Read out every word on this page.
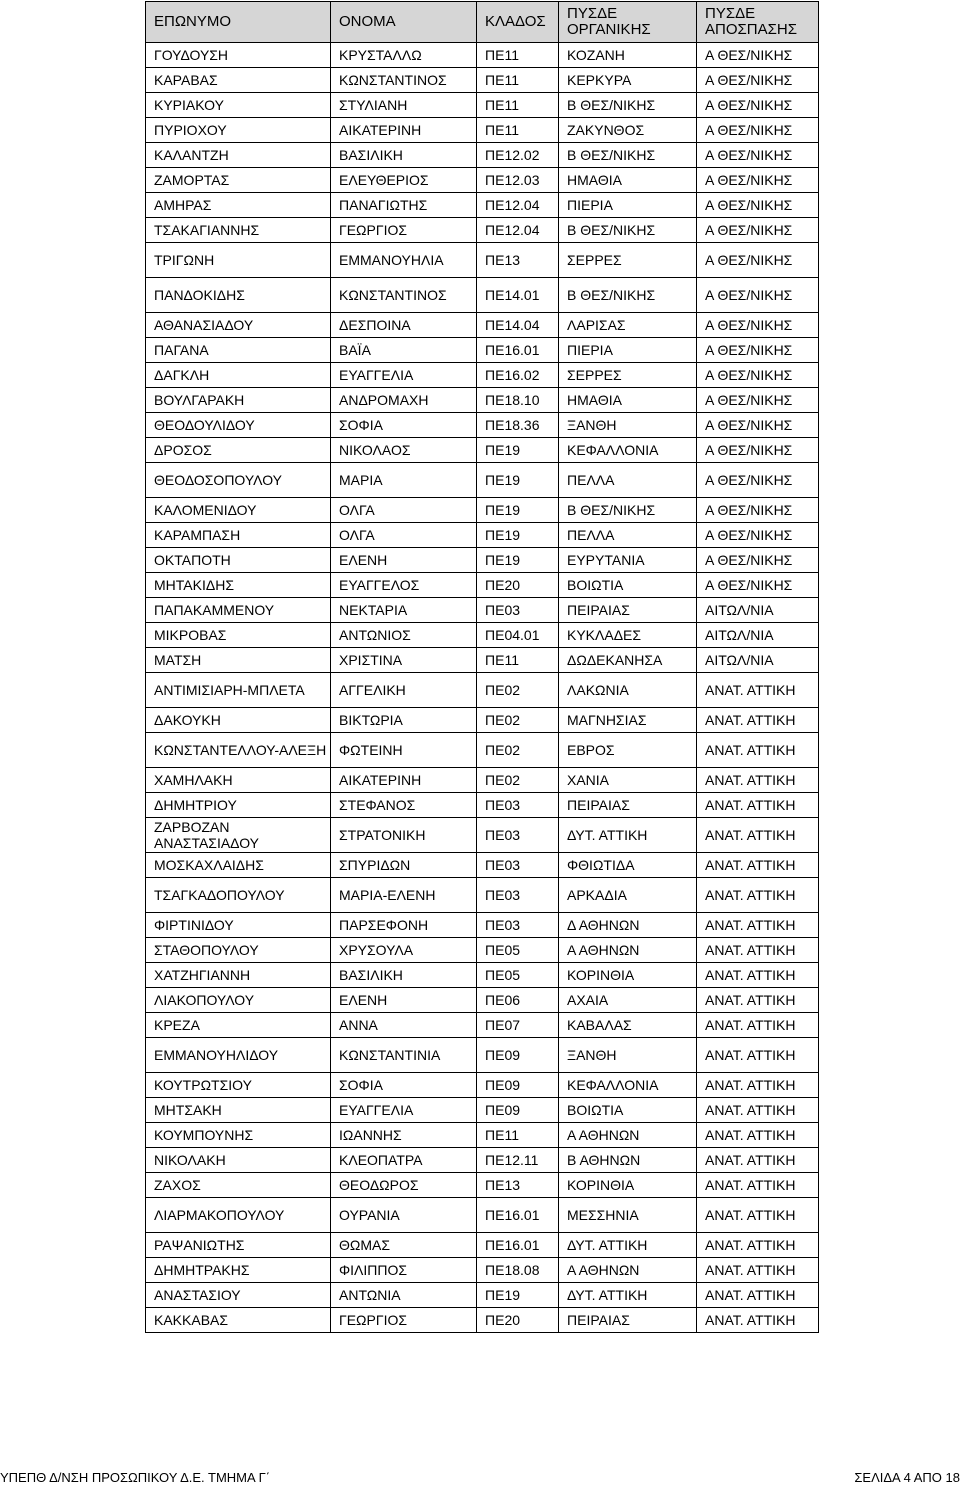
ΕΠΩΝΥΜΟ	ΟΝΟΜΑ	ΚΛΑΔΟΣ	ΠΥΣΔΕ ΟΡΓΑΝΙΚΗΣ	ΠΥΣΔΕ ΑΠΟΣΠΑΣΗΣ
ΓΟΥΔΟΥΣΗ	ΚΡΥΣΤΑΛΛΩ	ΠΕ11	ΚΟΖΑΝΗ	Α ΘΕΣ/ΝΙΚΗΣ
ΚΑΡΑΒΑΣ	ΚΩΝΣΤΑΝΤΙΝΟΣ	ΠΕ11	ΚΕΡΚΥΡΑ	Α ΘΕΣ/ΝΙΚΗΣ
ΚΥΡΙΑΚΟΥ	ΣΤΥΛΙΑΝΗ	ΠΕ11	Β ΘΕΣ/ΝΙΚΗΣ	Α ΘΕΣ/ΝΙΚΗΣ
ΠΥΡΙΟΧΟΥ	ΑΙΚΑΤΕΡΙΝΗ	ΠΕ11	ΖΑΚΥΝΘΟΣ	Α ΘΕΣ/ΝΙΚΗΣ
ΚΑΛΑΝΤΖΗ	ΒΑΣΙΛΙΚΗ	ΠΕ12.02	Β ΘΕΣ/ΝΙΚΗΣ	Α ΘΕΣ/ΝΙΚΗΣ
ΖΑΜΟΡΤΑΣ	ΕΛΕΥΘΕΡΙΟΣ	ΠΕ12.03	ΗΜΑΘΙΑ	Α ΘΕΣ/ΝΙΚΗΣ
ΑΜΗΡΑΣ	ΠΑΝΑΓΙΩΤΗΣ	ΠΕ12.04	ΠΙΕΡΙΑ	Α ΘΕΣ/ΝΙΚΗΣ
ΤΣΑΚΑΓΙΑΝΝΗΣ	ΓΕΩΡΓΙΟΣ	ΠΕ12.04	Β ΘΕΣ/ΝΙΚΗΣ	Α ΘΕΣ/ΝΙΚΗΣ
ΤΡΙΓΩΝΗ	ΕΜΜΑΝΟΥΗΛΙΑ	ΠΕ13	ΣΕΡΡΕΣ	Α ΘΕΣ/ΝΙΚΗΣ
ΠΑΝΔΟΚΙΔΗΣ	ΚΩΝΣΤΑΝΤΙΝΟΣ	ΠΕ14.01	Β ΘΕΣ/ΝΙΚΗΣ	Α ΘΕΣ/ΝΙΚΗΣ
ΑΘΑΝΑΣΙΑΔΟΥ	ΔΕΣΠΟΙΝΑ	ΠΕ14.04	ΛΑΡΙΣΑΣ	Α ΘΕΣ/ΝΙΚΗΣ
ΠΑΓΑΝΑ	ΒΑΪΑ	ΠΕ16.01	ΠΙΕΡΙΑ	Α ΘΕΣ/ΝΙΚΗΣ
ΔΑΓΚΛΗ	ΕΥΑΓΓΕΛΙΑ	ΠΕ16.02	ΣΕΡΡΕΣ	Α ΘΕΣ/ΝΙΚΗΣ
ΒΟΥΛΓΑΡΑΚΗ	ΑΝΔΡΟΜΑΧΗ	ΠΕ18.10	ΗΜΑΘΙΑ	Α ΘΕΣ/ΝΙΚΗΣ
ΘΕΟΔΟΥΛΙΔΟΥ	ΣΟΦΙΑ	ΠΕ18.36	ΞΑΝΘΗ	Α ΘΕΣ/ΝΙΚΗΣ
ΔΡΟΣΟΣ	ΝΙΚΟΛΑΟΣ	ΠΕ19	ΚΕΦΑΛΛΟΝΙΑ	Α ΘΕΣ/ΝΙΚΗΣ
ΘΕΟΔΟΣΟΠΟΥΛΟΥ	ΜΑΡΙΑ	ΠΕ19	ΠΕΛΛΑ	Α ΘΕΣ/ΝΙΚΗΣ
ΚΑΛΟΜΕΝΙΔΟΥ	ΟΛΓΑ	ΠΕ19	Β ΘΕΣ/ΝΙΚΗΣ	Α ΘΕΣ/ΝΙΚΗΣ
ΚΑΡΑΜΠΑΣΗ	ΟΛΓΑ	ΠΕ19	ΠΕΛΛΑ	Α ΘΕΣ/ΝΙΚΗΣ
ΟΚΤΑΠΟΤΗ	ΕΛΕΝΗ	ΠΕ19	ΕΥΡΥΤΑΝΙΑ	Α ΘΕΣ/ΝΙΚΗΣ
ΜΗΤΑΚΙΔΗΣ	ΕΥΑΓΓΕΛΟΣ	ΠΕ20	ΒΟΙΩΤΙΑ	Α ΘΕΣ/ΝΙΚΗΣ
ΠΑΠΑΚΑΜΜΕΝΟΥ	ΝΕΚΤΑΡΙΑ	ΠΕ03	ΠΕΙΡΑΙΑΣ	ΑΙΤΩΛ/ΝΙΑ
ΜΙΚΡΟΒΑΣ	ΑΝΤΩΝΙΟΣ	ΠΕ04.01	ΚΥΚΛΑΔΕΣ	ΑΙΤΩΛ/ΝΙΑ
ΜΑΤΣΗ	ΧΡΙΣΤΙΝΑ	ΠΕ11	ΔΩΔΕΚΑΝΗΣΑ	ΑΙΤΩΛ/ΝΙΑ
ΑΝΤΙΜΙΣΙΑΡΗ-ΜΠΛΕΤΑ	ΑΓΓΕΛΙΚΗ	ΠΕ02	ΛΑΚΩΝΙΑ	ΑΝΑΤ. ΑΤΤΙΚΗ
ΔΑΚΟΥΚΗ	ΒΙΚΤΩΡΙΑ	ΠΕ02	ΜΑΓΝΗΣΙΑΣ	ΑΝΑΤ. ΑΤΤΙΚΗ
ΚΩΝΣΤΑΝΤΕΛΛΟΥ-ΑΛΕΞΗ	ΦΩΤΕΙΝΗ	ΠΕ02	ΕΒΡΟΣ	ΑΝΑΤ. ΑΤΤΙΚΗ
ΧΑΜΗΛΑΚΗ	ΑΙΚΑΤΕΡΙΝΗ	ΠΕ02	ΧΑΝΙΑ	ΑΝΑΤ. ΑΤΤΙΚΗ
ΔΗΜΗΤΡΙΟΥ	ΣΤΕΦΑΝΟΣ	ΠΕ03	ΠΕΙΡΑΙΑΣ	ΑΝΑΤ. ΑΤΤΙΚΗ
ΖΑΡΒΟΖΑΝ ΑΝΑΣΤΑΣΙΑΔΟΥ	ΣΤΡΑΤΟΝΙΚΗ	ΠΕ03	ΔΥΤ. ΑΤΤΙΚΗ	ΑΝΑΤ. ΑΤΤΙΚΗ
ΜΟΣΚΑΧΛΑΙΔΗΣ	ΣΠΥΡΙΔΩΝ	ΠΕ03	ΦΘΙΩΤΙΔΑ	ΑΝΑΤ. ΑΤΤΙΚΗ
ΤΣΑΓΚΑΔΟΠΟΥΛΟΥ	ΜΑΡΙΑ-ΕΛΕΝΗ	ΠΕ03	ΑΡΚΑΔΙΑ	ΑΝΑΤ. ΑΤΤΙΚΗ
ΦΙΡΤΙΝΙΔΟΥ	ΠΑΡΣΕΦΟΝΗ	ΠΕ03	Δ ΑΘΗΝΩΝ	ΑΝΑΤ. ΑΤΤΙΚΗ
ΣΤΑΘΟΠΟΥΛΟΥ	ΧΡΥΣΟΥΛΑ	ΠΕ05	Α ΑΘΗΝΩΝ	ΑΝΑΤ. ΑΤΤΙΚΗ
ΧΑΤΖΗΓΙΑΝΝΗ	ΒΑΣΙΛΙΚΗ	ΠΕ05	ΚΟΡΙΝΘΙΑ	ΑΝΑΤ. ΑΤΤΙΚΗ
ΛΙΑΚΟΠΟΥΛΟΥ	ΕΛΕΝΗ	ΠΕ06	ΑΧΑΙΑ	ΑΝΑΤ. ΑΤΤΙΚΗ
ΚΡΕΖΑ	ΑΝΝΑ	ΠΕ07	ΚΑΒΑΛΑΣ	ΑΝΑΤ. ΑΤΤΙΚΗ
ΕΜΜΑΝΟΥΗΛΙΔΟΥ	ΚΩΝΣΤΑΝΤΙΝΙΑ	ΠΕ09	ΞΑΝΘΗ	ΑΝΑΤ. ΑΤΤΙΚΗ
ΚΟΥΤΡΩΤΣΙΟΥ	ΣΟΦΙΑ	ΠΕ09	ΚΕΦΑΛΛΟΝΙΑ	ΑΝΑΤ. ΑΤΤΙΚΗ
ΜΗΤΣΑΚΗ	ΕΥΑΓΓΕΛΙΑ	ΠΕ09	ΒΟΙΩΤΙΑ	ΑΝΑΤ. ΑΤΤΙΚΗ
ΚΟΥΜΠΟΥΝΗΣ	ΙΩΑΝΝΗΣ	ΠΕ11	Α ΑΘΗΝΩΝ	ΑΝΑΤ. ΑΤΤΙΚΗ
ΝΙΚΟΛΑΚΗ	ΚΛΕΟΠΑΤΡΑ	ΠΕ12.11	Β ΑΘΗΝΩΝ	ΑΝΑΤ. ΑΤΤΙΚΗ
ΖΑΧΟΣ	ΘΕΟΔΩΡΟΣ	ΠΕ13	ΚΟΡΙΝΘΙΑ	ΑΝΑΤ. ΑΤΤΙΚΗ
ΛΙΑΡΜΑΚΟΠΟΥΛΟΥ	ΟΥΡΑΝΙΑ	ΠΕ16.01	ΜΕΣΣΗΝΙΑ	ΑΝΑΤ. ΑΤΤΙΚΗ
ΡΑΨΑΝΙΩΤΗΣ	ΘΩΜΑΣ	ΠΕ16.01	ΔΥΤ. ΑΤΤΙΚΗ	ΑΝΑΤ. ΑΤΤΙΚΗ
ΔΗΜΗΤΡΑΚΗΣ	ΦΙΛΙΠΠΟΣ	ΠΕ18.08	Α ΑΘΗΝΩΝ	ΑΝΑΤ. ΑΤΤΙΚΗ
ΑΝΑΣΤΑΣΙΟΥ	ΑΝΤΩΝΙΑ	ΠΕ19	ΔΥΤ. ΑΤΤΙΚΗ	ΑΝΑΤ. ΑΤΤΙΚΗ
ΚΑΚΚΑΒΑΣ	ΓΕΩΡΓΙΟΣ	ΠΕ20	ΠΕΙΡΑΙΑΣ	ΑΝΑΤ. ΑΤΤΙΚΗ
ΥΠΕΠΘ Δ/ΝΣΗ ΠΡΟΣΩΠΙΚΟΥ Δ.Ε. ΤΜΗΜΑ Γ΄	ΣΕΛΙΔΑ 4 ΑΠΟ 18
